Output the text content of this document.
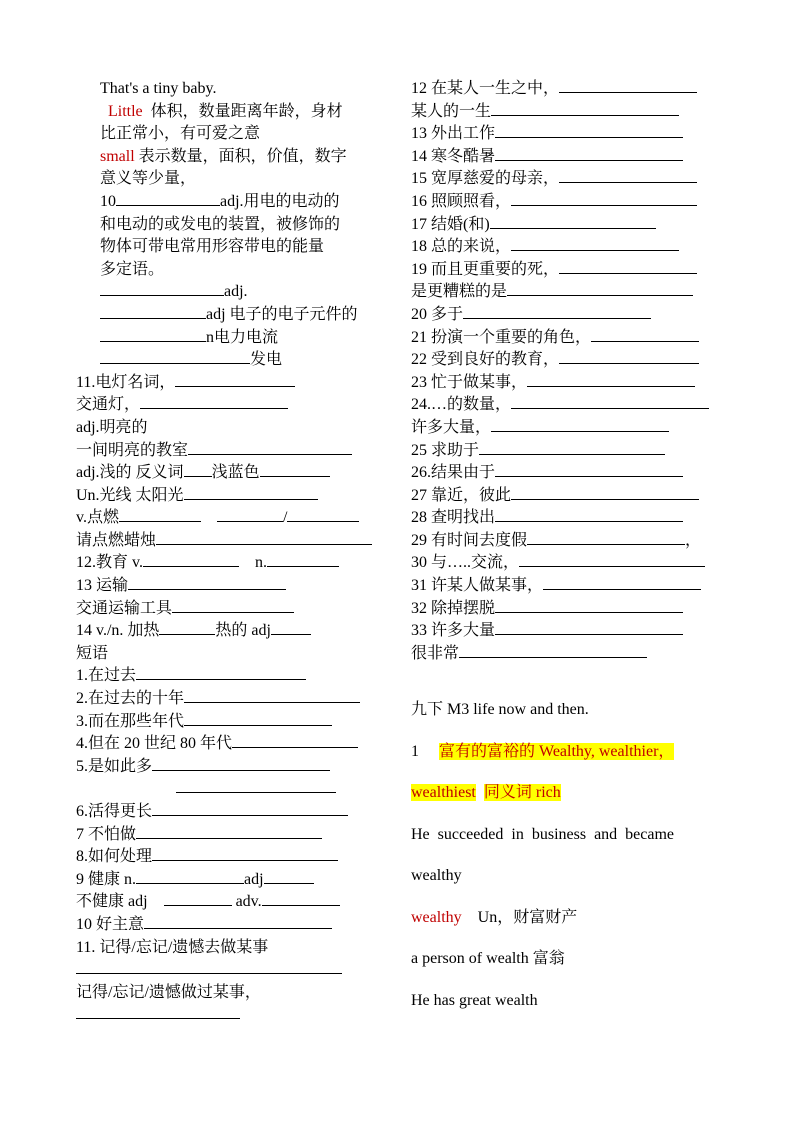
That's a tiny baby.
Little 体积，数量距离年龄，身材
比正常小，有可爱之意
small 表示数量，面积，价值，数字
意义等少量，
10	adj.用电的电动的
和电动的或发电的装置，被修饰的
物体可带电常用形容带电的能量
多定语。
adj.
adj 电子的电子元件的
n电力电流
发电
11.电灯名词，
交通灯，
adj.明亮的
一间明亮的教室
adj.浅的 反义词 浅蓝色
Un.光线 太阳光
v.点燃	/
请点燃蜡烛
12.教育 v.	n.
13 运输
交通运输工具
14 v./n. 加热	热的 adj
短语
1.在过去
2.在过去的十年
3.而在那些年代
4.但在 20 世纪 80 年代
5.是如此多
6.活得更长
7 不怕做
8.如何处理
9 健康 n.	adj
不健康 adj	adv.
10 好主意
11. 记得/忘记/遗憾去做某事
记得/忘记/遗憾做过某事，
12 在某人一生之中，
某人的一生
13 外出工作
14 寒冬酷暑
15 宽厚慈爱的母亲，
16 照顾照看，
17 结婚(和)
18 总的来说，
19 而且更重要的死，
是更糟糕的是
20 多于
21 扮演一个重要的角色，
22 受到良好的教育，
23 忙于做某事，
24.…的数量，
许多大量，
25 求助于
26.结果由于
27 靠近，彼此
28 查明找出
29 有时间去度假	，
30 与…..交流，
31 许某人做某事，
32 除掉摆脱
33 许多大量
很非常
九下 M3 life now and then.
1 富有的富裕的 Wealthy, wealthier，
wealthiest 同义词 rich
He  succeeded  in  business  and  became
wealthy
wealthy Un，财富财产
a person of wealth 富翁
He has great wealth
